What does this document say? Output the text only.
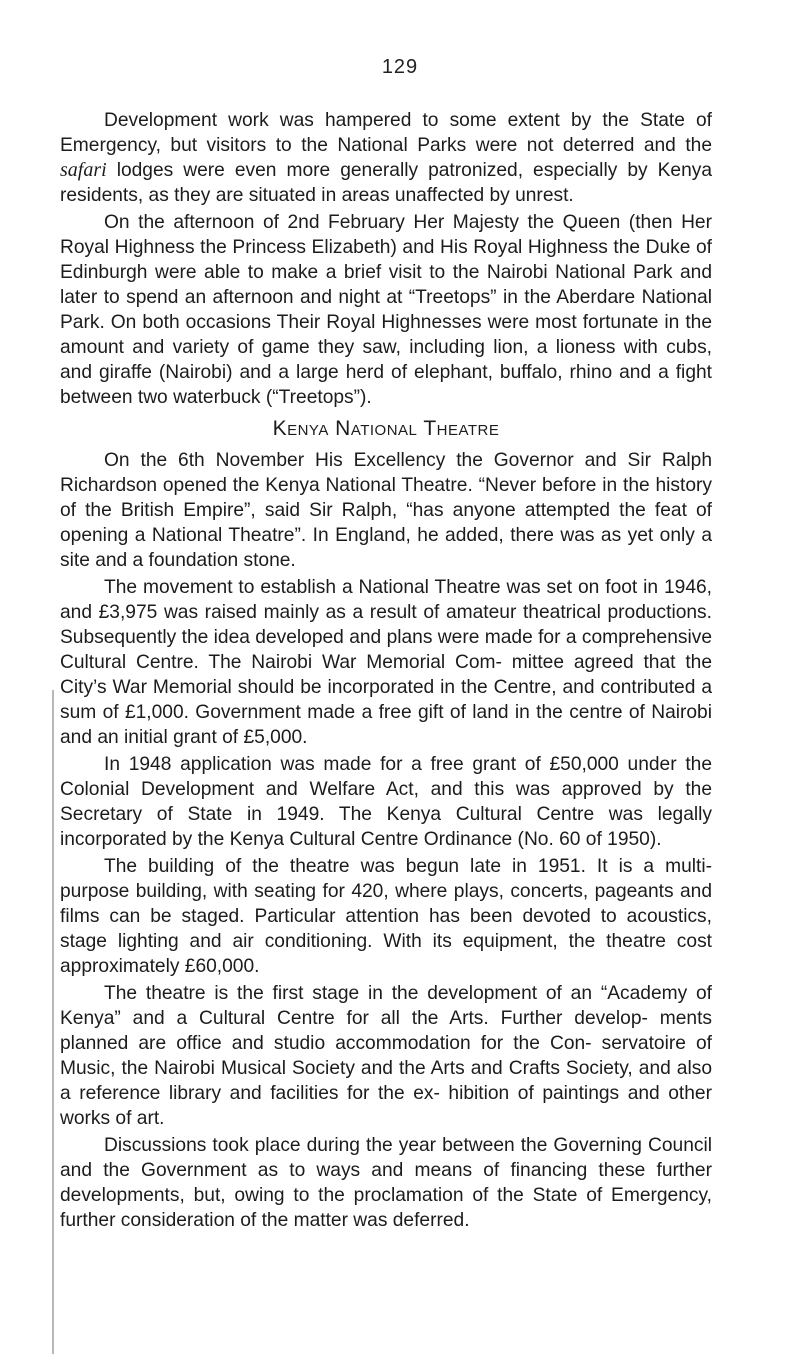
129

Development work was hampered to some extent by the State of Emergency, but visitors to the National Parks were not deterred and the safari lodges were even more generally patronized, especially by Kenya residents, as they are situated in areas unaffected by unrest.

On the afternoon of 2nd February Her Majesty the Queen (then Her Royal Highness the Princess Elizabeth) and His Royal Highness the Duke of Edinburgh were able to make a brief visit to the Nairobi National Park and later to spend an afternoon and night at “Treetops” in the Aberdare National Park. On both occasions Their Royal Highnesses were most fortunate in the amount and variety of game they saw, including lion, a lioness with cubs, and giraffe (Nairobi) and a large herd of elephant, buffalo, rhino and a fight between two waterbuck (“Treetops”).

Kenya National Theatre

On the 6th November His Excellency the Governor and Sir Ralph Richardson opened the Kenya National Theatre. “Never before in the history of the British Empire”, said Sir Ralph, “has anyone attempted the feat of opening a National Theatre”. In England, he added, there was as yet only a site and a foundation stone.

The movement to establish a National Theatre was set on foot in 1946, and £3,975 was raised mainly as a result of amateur theatrical productions. Subsequently the idea developed and plans were made for a comprehensive Cultural Centre. The Nairobi War Memorial Com- mittee agreed that the City’s War Memorial should be incorporated in the Centre, and contributed a sum of £1,000. Government made a free gift of land in the centre of Nairobi and an initial grant of £5,000.

In 1948 application was made for a free grant of £50,000 under the Colonial Development and Welfare Act, and this was approved by the Secretary of State in 1949. The Kenya Cultural Centre was legally incorporated by the Kenya Cultural Centre Ordinance (No. 60 of 1950).

The building of the theatre was begun late in 1951. It is a multi- purpose building, with seating for 420, where plays, concerts, pageants and films can be staged. Particular attention has been devoted to acoustics, stage lighting and air conditioning. With its equipment, the theatre cost approximately £60,000.

The theatre is the first stage in the development of an “Academy of Kenya” and a Cultural Centre for all the Arts. Further develop- ments planned are office and studio accommodation for the Con- servatoire of Music, the Nairobi Musical Society and the Arts and Crafts Society, and also a reference library and facilities for the ex- hibition of paintings and other works of art.

Discussions took place during the year between the Governing Council and the Government as to ways and means of financing these further developments, but, owing to the proclamation of the State of Emergency, further consideration of the matter was deferred.
